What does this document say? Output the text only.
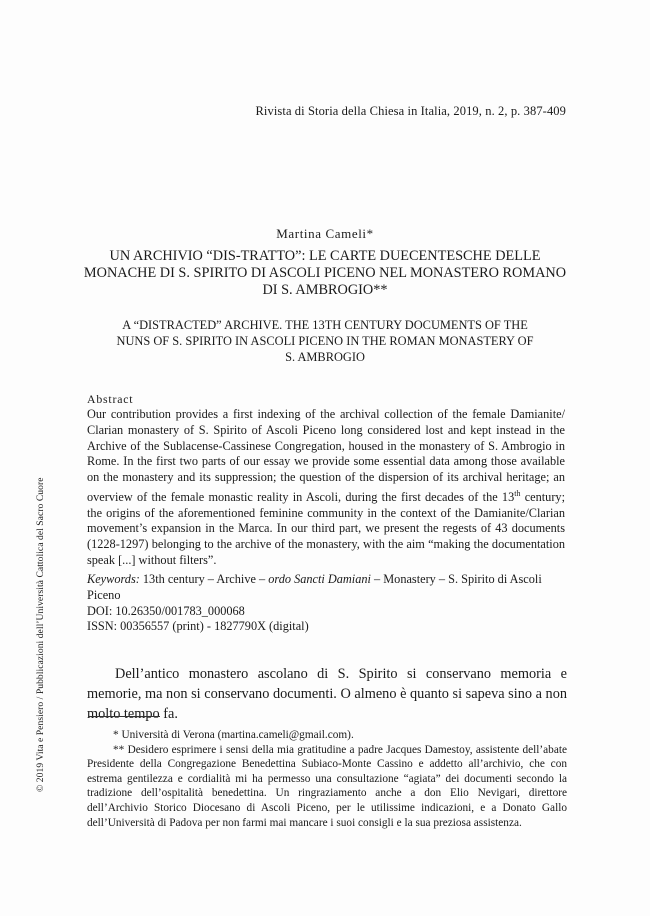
Rivista di Storia della Chiesa in Italia, 2019, n. 2, p. 387-409
Martina Cameli*
UN ARCHIVIO “DIS-TRATTO”: LE CARTE DUECENTESCHE DELLE MONACHE DI S. SPIRITO DI ASCOLI PICENO NEL MONASTERO ROMANO DI S. AMBROGIO**
A “DISTRACTED” ARCHIVE. THE 13TH CENTURY DOCUMENTS OF THE NUNS OF S. SPIRITO IN ASCOLI PICENO IN THE ROMAN MONASTERY OF S. AMBROGIO
Abstract
Our contribution provides a first indexing of the archival collection of the female Damianite/ Clarian monastery of S. Spirito of Ascoli Piceno long considered lost and kept instead in the Archive of the Sublacense-Cassinese Congregation, housed in the monastery of S. Ambrogio in Rome. In the first two parts of our essay we provide some essential data among those available on the monastery and its suppression; the question of the dispersion of its archival heritage; an overview of the female monastic reality in Ascoli, during the first decades of the 13th century; the origins of the aforementioned feminine community in the context of the Damianite/Clarian movement’s expansion in the Marca. In our third part, we present the regests of 43 documents (1228-1297) belonging to the archive of the monastery, with the aim “making the documentation speak [...] without filters”.
Keywords: 13th century – Archive – ordo Sancti Damiani – Monastery – S. Spirito di Ascoli Piceno
DOI: 10.26350/001783_000068
ISSN: 00356557 (print) - 1827790X (digital)
Dell’antico monastero ascolano di S. Spirito si conservano memoria e memorie, ma non si conservano documenti. O almeno è quanto si sapeva sino a non molto tempo fa.

* Università di Verona (martina.cameli@gmail.com).

** Desidero esprimere i sensi della mia gratitudine a padre Jacques Damestoy, assistente dell’abate Presidente della Congregazione Benedettina Subiaco-Monte Cassino e addetto all’archivio, che con estrema gentilezza e cordialità mi ha permesso una consultazione “agiata” dei documenti secondo la tradizione dell’ospitalità benedettina. Un ringraziamento anche a don Elio Nevigari, direttore dell’Archivio Storico Diocesano di Ascoli Piceno, per le utilissime indicazioni, e a Donato Gallo dell’Università di Padova per non farmi mai mancare i suoi consigli e la sua preziosa assistenza.

© 2019 Vita e Pensiero / Pubblicazioni dell’Università Cattolica del Sacro Cuore
